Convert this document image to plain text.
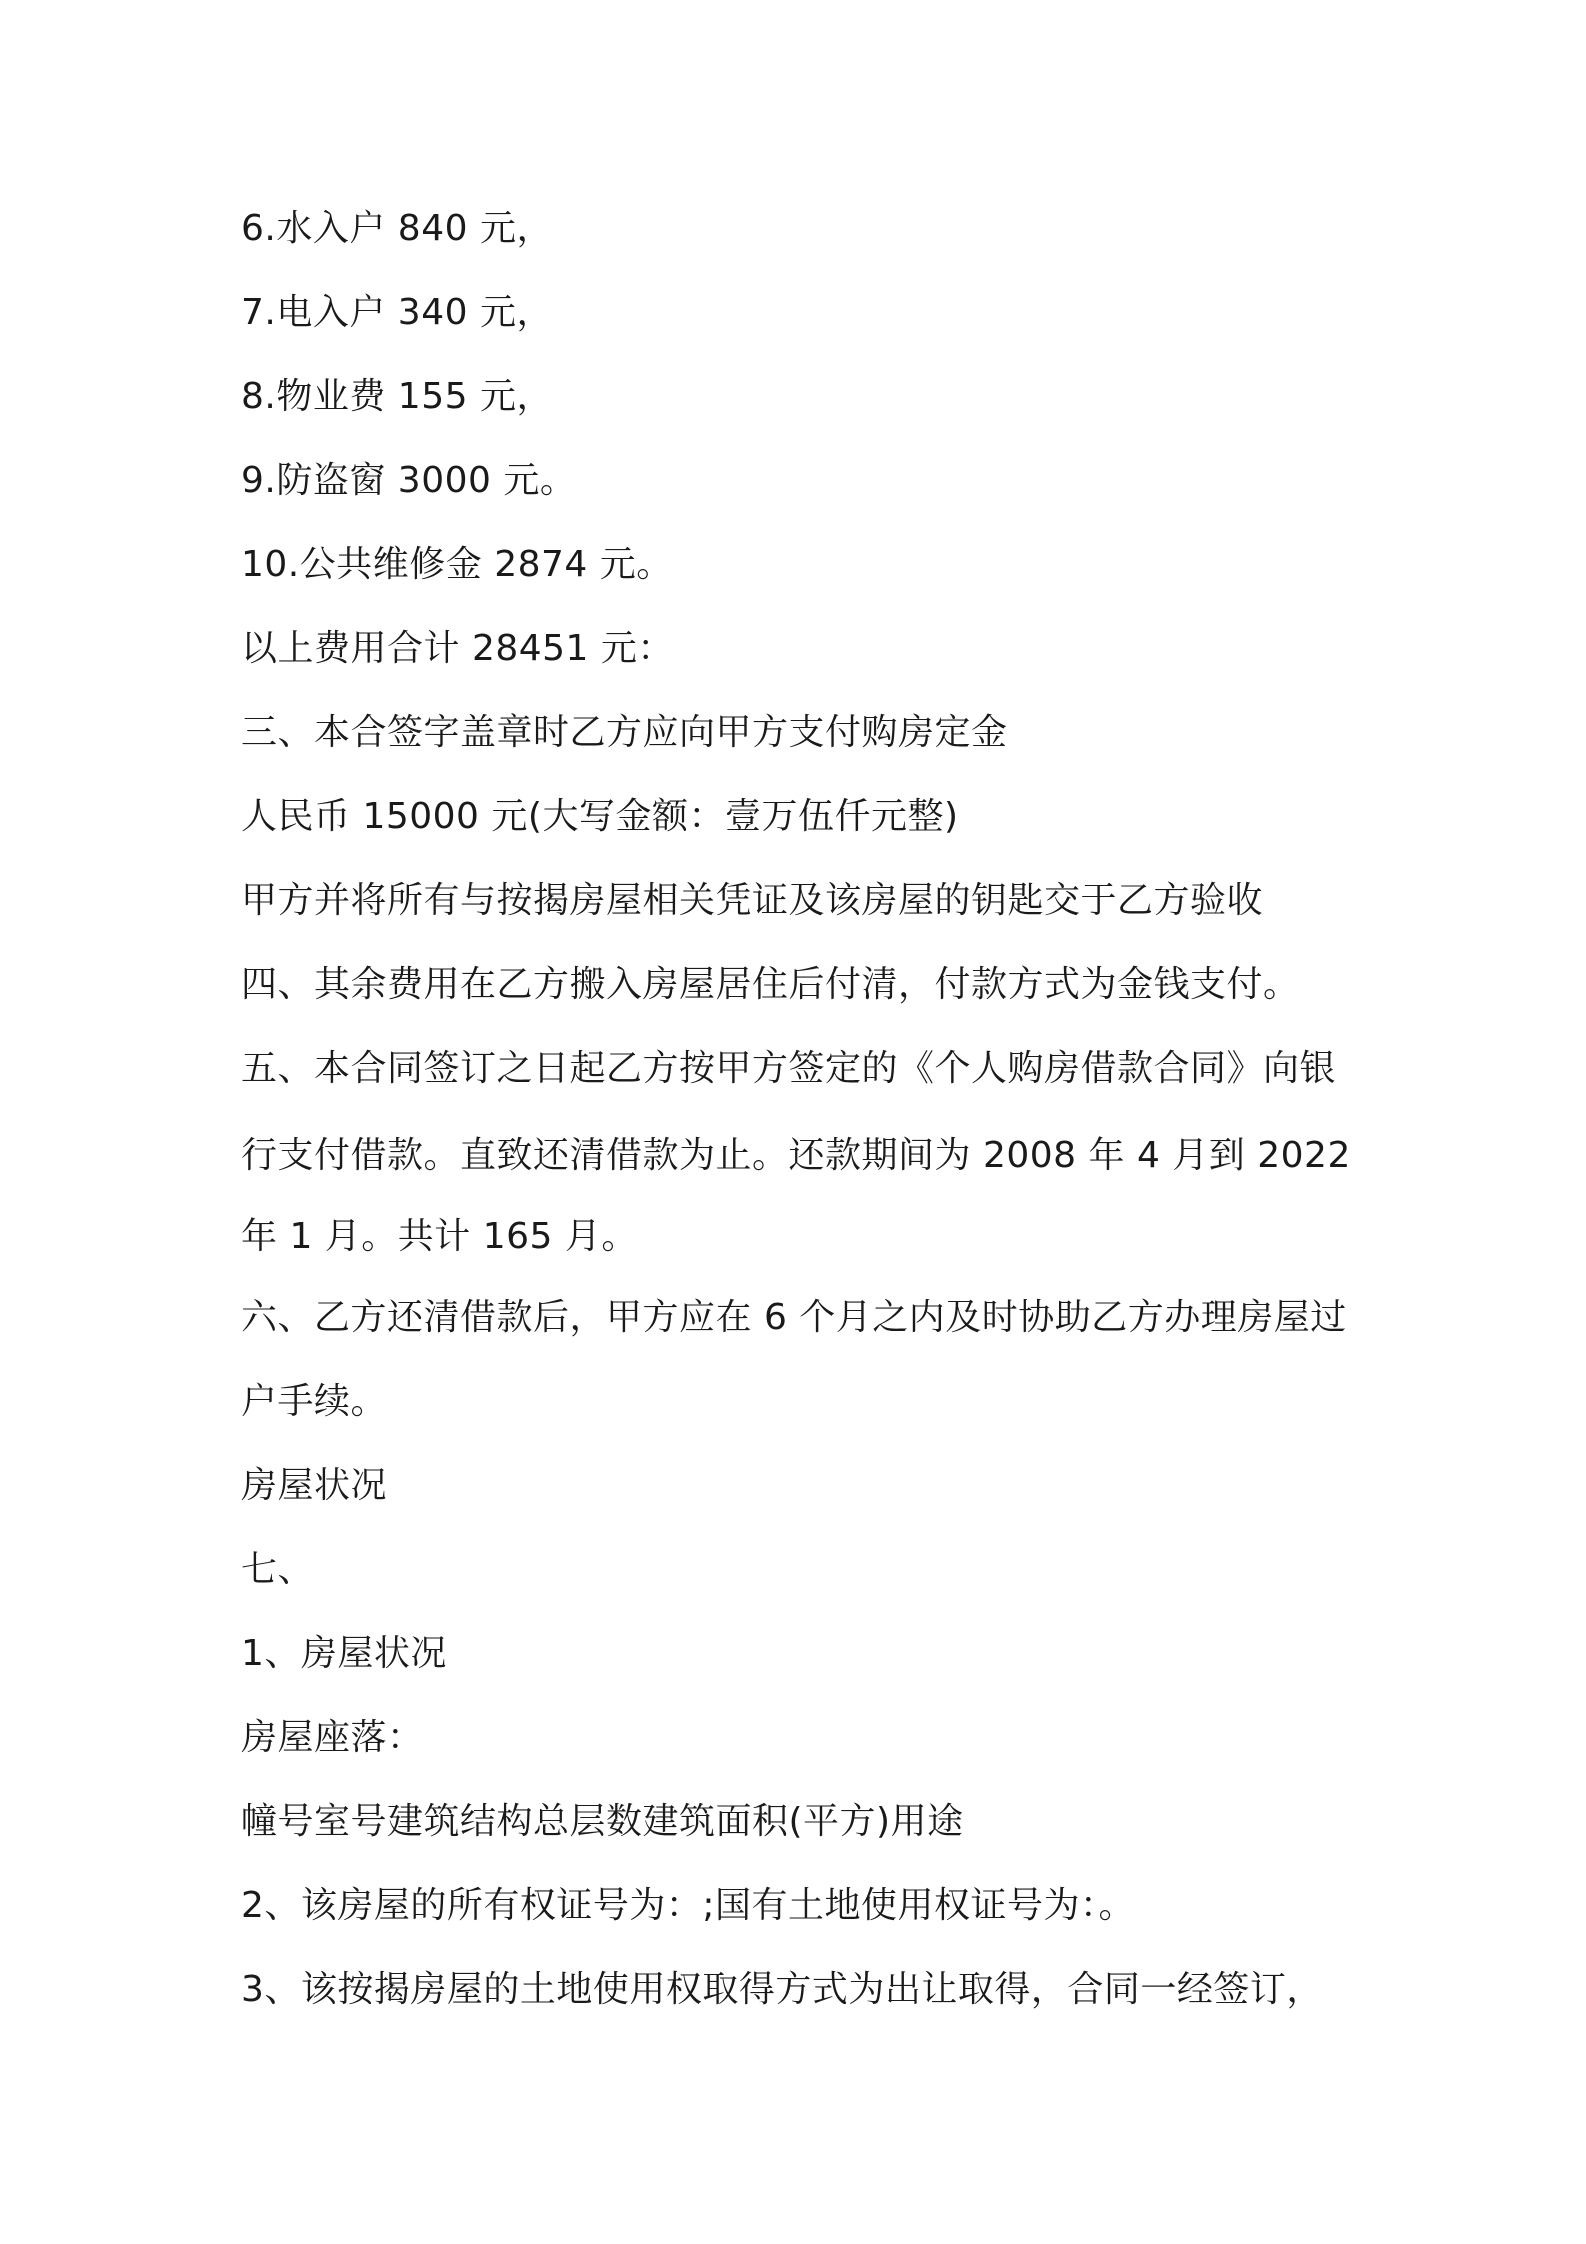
6.水入户 840 元，
7.电入户 340 元，
8.物业费 155 元，
9.防盗窗 3000 元。
10.公共维修金 2874 元。
以上费用合计 28451 元：
三、本合签字盖章时乙方应向甲方支付购房定金
人民币 15000 元(大写金额：壹万伍仟元整)
甲方并将所有与按揭房屋相关凭证及该房屋的钥匙交于乙方验收
四、其余费用在乙方搬入房屋居住后付清，付款方式为金钱支付。
五、本合同签订之日起乙方按甲方签定的《个人购房借款合同》向银
行支付借款。直致还清借款为止。还款期间为 2008 年 4 月到 2022
年 1 月。共计 165 月。
六、乙方还清借款后，甲方应在 6 个月之内及时协助乙方办理房屋过
户手续。
房屋状况
七、
1、房屋状况
房屋座落：
幢号室号建筑结构总层数建筑面积(平方)用途
2、该房屋的所有权证号为：;国有土地使用权证号为：。
3、该按揭房屋的土地使用权取得方式为出让取得，合同一经签订，
